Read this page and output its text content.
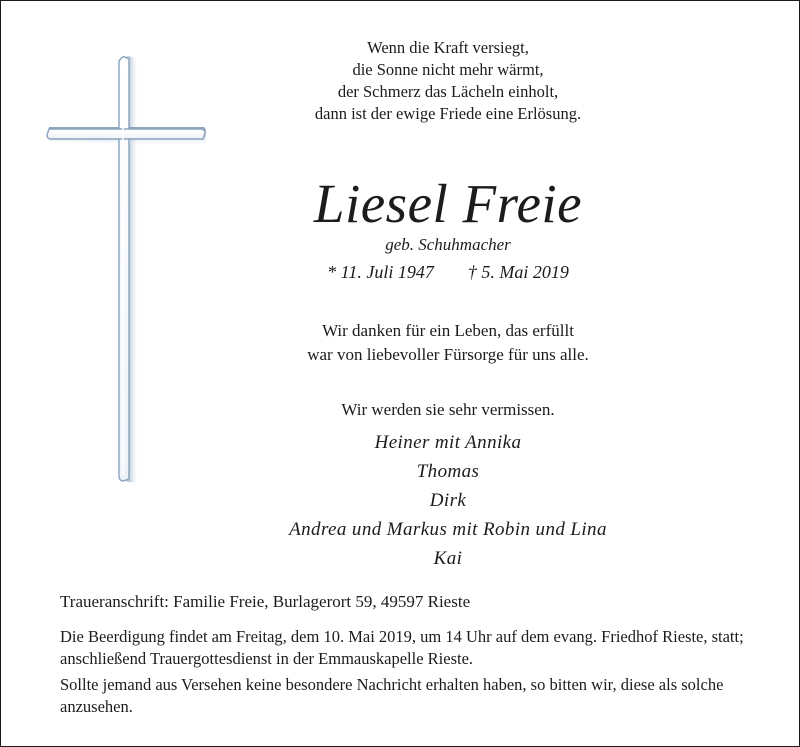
Wenn die Kraft versiegt,
die Sonne nicht mehr wärmt,
der Schmerz das Lächeln einholt,
dann ist der ewige Friede eine Erlösung.
Liesel Freie
geb. Schuhmacher
* 11. Juli 1947 † 5. Mai 2019
Wir danken für ein Leben, das erfüllt
war von liebevoller Fürsorge für uns alle.
Wir werden sie sehr vermissen.
Heiner mit Annika
Thomas
Dirk
Andrea und Markus mit Robin und Lina
Kai
Traueranschrift: Familie Freie, Burlagerort 59, 49597 Rieste

Die Beerdigung findet am Freitag, dem 10. Mai 2019, um 14 Uhr auf dem evang. Friedhof Rieste, statt; anschließend Trauergottesdienst in der Emmauskapelle Rieste.

Sollte jemand aus Versehen keine besondere Nachricht erhalten haben, so bitten wir, diese als solche anzusehen.
